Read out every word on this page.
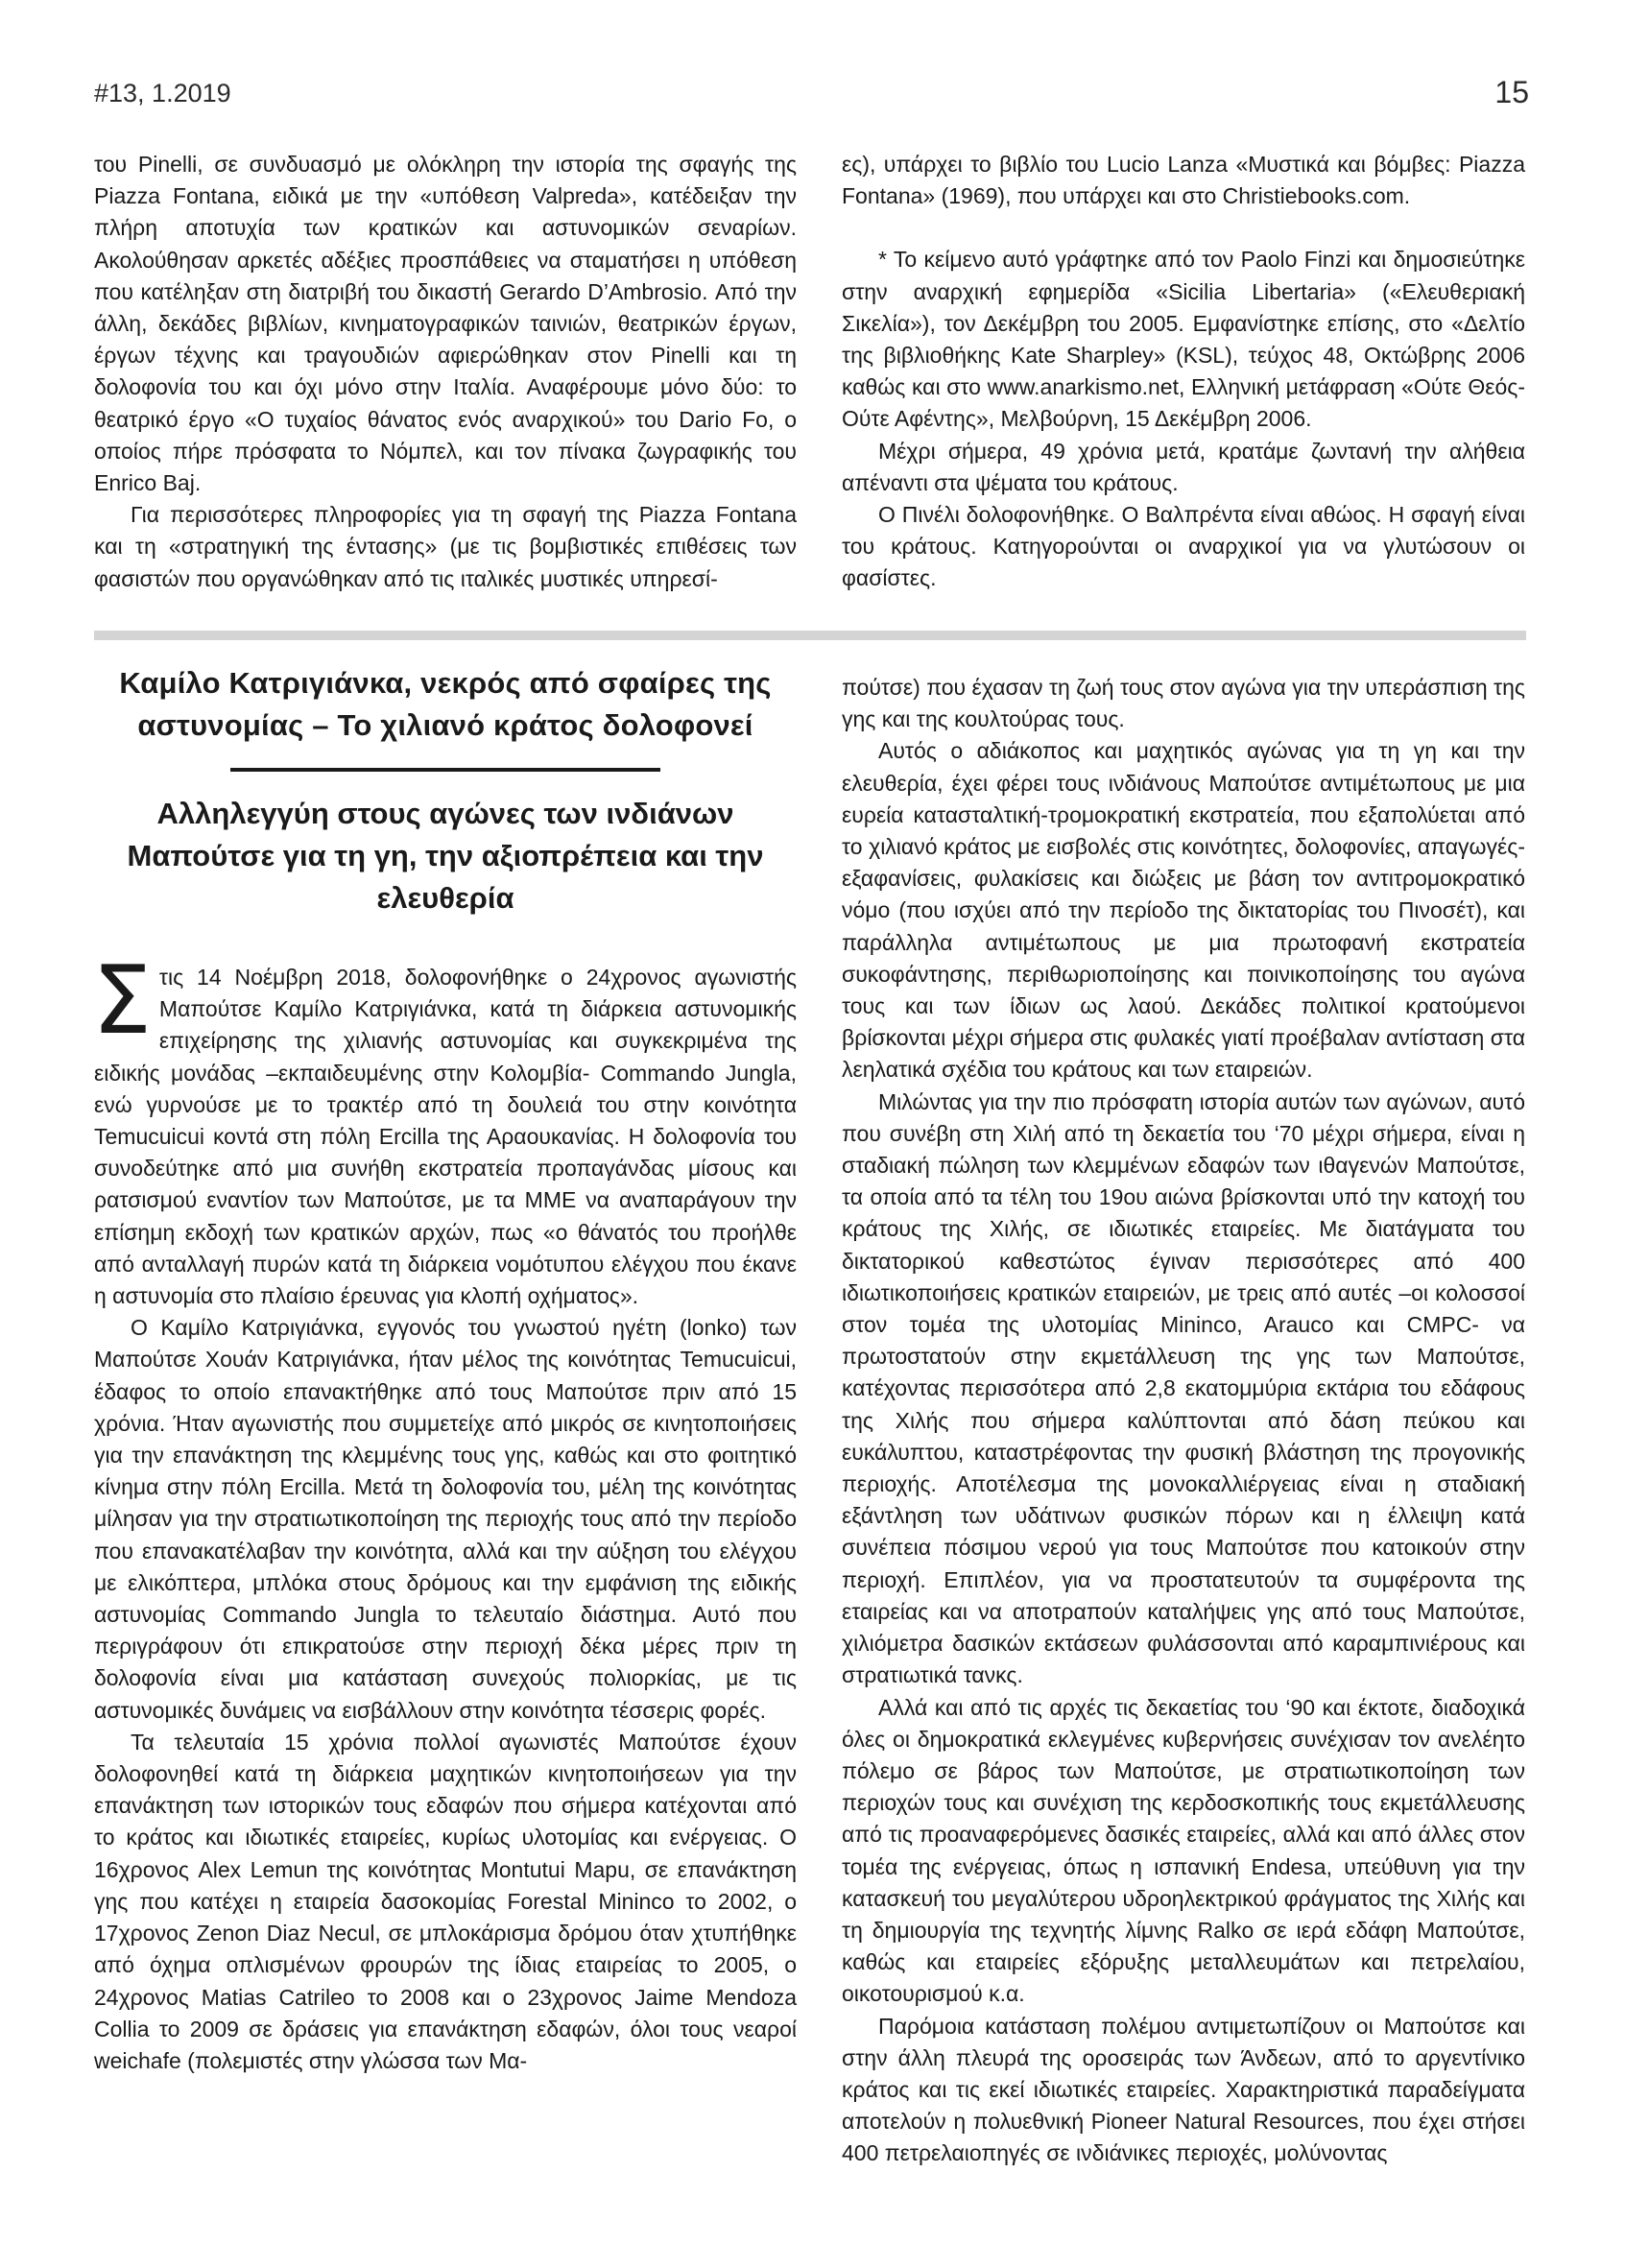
#13, 1.2019	15

του Pinelli, σε συνδυασμό με ολόκληρη την ιστορία της σφαγής της Piazza Fontana, ειδικά με την «υπόθεση Valpreda», κατέδειξαν την πλήρη αποτυχία των κρατικών και αστυνομικών σεναρίων. Ακολούθησαν αρκετές αδέξιες προσπάθειες να σταματήσει η υπόθεση που κατέληξαν στη διατριβή του δικαστή Gerardo D’Ambrosio. Από την άλλη, δεκάδες βιβλίων, κινηματογραφικών ταινιών, θεατρικών έργων, έργων τέχνης και τραγουδιών αφιερώθηκαν στον Pinelli και τη δολοφονία του και όχι μόνο στην Ιταλία. Αναφέρουμε μόνο δύο: το θεατρικό έργο «Ο τυχαίος θάνατος ενός αναρχικού» του Dario Fo, ο οποίος πήρε πρόσφατα το Νόμπελ, και τον πίνακα ζωγραφικής του Enrico Baj.

Για περισσότερες πληροφορίες για τη σφαγή της Piazza Fontana και τη «στρατηγική της έντασης» (με τις βομβιστικές επιθέσεις των φασιστών που οργανώθηκαν από τις ιταλικές μυστικές υπηρεσί-

ες), υπάρχει το βιβλίο του Lucio Lanza «Μυστικά και βόμβες: Piazza Fontana» (1969), που υπάρχει και στο Christiebooks.com.

* Το κείμενο αυτό γράφτηκε από τον Paolo Finzi και δημοσιεύτηκε στην αναρχική εφημερίδα «Sicilia Libertaria» («Ελευθεριακή Σικελία»), τον Δεκέμβρη του 2005. Εμφανίστηκε επίσης, στο «Δελτίο της βιβλιοθήκης Kate Sharpley» (KSL), τεύχος 48, Οκτώβρης 2006 καθώς και στο www.anarkismo.net, Ελληνική μετάφραση «Ούτε Θεός-Ούτε Αφέντης», Μελβούρνη, 15 Δεκέμβρη 2006.

Μέχρι σήμερα, 49 χρόνια μετά, κρατάμε ζωντανή την αλήθεια απέναντι στα ψέματα του κράτους.

Ο Πινέλι δολοφονήθηκε. Ο Βαλπρέντα είναι αθώος. Η σφαγή είναι του κράτους. Κατηγορούνται οι αναρχικοί για να γλυτώσουν οι φασίστες.

Καμίλο Κατριγιάνκα, νεκρός από σφαίρες της αστυνομίας – Το χιλιανό κράτος δολοφονεί
Αλληλεγγύη στους αγώνες των ινδιάνων Μαπούτσε για τη γη, την αξιοπρέπεια και την ελευθερία

Στις 14 Νοέμβρη 2018, δολοφονήθηκε ο 24χρονος αγωνιστής Μαπούτσε Καμίλο Κατριγιάνκα, κατά τη διάρκεια αστυνομικής επιχείρησης της χιλιανής αστυνομίας και συγκεκριμένα της ειδικής μονάδας –εκπαιδευμένης στην Κολομβία- Commando Jungla, ενώ γυρνούσε με το τρακτέρ από τη δουλειά του στην κοινότητα Temucuicui κοντά στη πόλη Ercilla της Αραουκανίας. Η δολοφονία του συνοδεύτηκε από μια συνήθη εκστρατεία προπαγάνδας μίσους και ρατσισμού εναντίον των Μαπούτσε, με τα ΜΜΕ να αναπαράγουν την επίσημη εκδοχή των κρατικών αρχών, πως «ο θάνατός του προήλθε από ανταλλαγή πυρών κατά τη διάρκεια νομότυπου ελέγχου που έκανε η αστυνομία στο πλαίσιο έρευνας για κλοπή οχήματος».

Ο Καμίλο Κατριγιάνκα, εγγονός του γνωστού ηγέτη (lonko) των Μαπούτσε Χουάν Κατριγιάνκα, ήταν μέλος της κοινότητας Temucuicui, έδαφος το οποίο επανακτήθηκε από τους Μαπούτσε πριν από 15 χρόνια. Ήταν αγωνιστής που συμμετείχε από μικρός σε κινητοποιήσεις για την επανάκτηση της κλεμμένης τους γης, καθώς και στο φοιτητικό κίνημα στην πόλη Ercilla. Μετά τη δολοφονία του, μέλη της κοινότητας μίλησαν για την στρατιωτικοποίηση της περιοχής τους από την περίοδο που επανακατέλαβαν την κοινότητα, αλλά και την αύξηση του ελέγχου με ελικόπτερα, μπλόκα στους δρόμους και την εμφάνιση της ειδικής αστυνομίας Commando Jungla το τελευταίο διάστημα. Αυτό που περιγράφουν ότι επικρατούσε στην περιοχή δέκα μέρες πριν τη δολοφονία είναι μια κατάσταση συνεχούς πολιορκίας, με τις αστυνομικές δυνάμεις να εισβάλλουν στην κοινότητα τέσσερις φορές.

Τα τελευταία 15 χρόνια πολλοί αγωνιστές Μαπούτσε έχουν δολοφονηθεί κατά τη διάρκεια μαχητικών κινητοποιήσεων για την επανάκτηση των ιστορικών τους εδαφών που σήμερα κατέχονται από το κράτος και ιδιωτικές εταιρείες, κυρίως υλοτομίας και ενέργειας. Ο 16χρονος Alex Lemun της κοινότητας Montutui Mapu, σε επανάκτηση γης που κατέχει η εταιρεία δασοκομίας Forestal Mininco το 2002, ο 17χρονος Zenon Diaz Necul, σε μπλοκάρισμα δρόμου όταν χτυπήθηκε από όχημα οπλισμένων φρουρών της ίδιας εταιρείας το 2005, ο 24χρονος Matias Catrileo το 2008 και ο 23χρονος Jaime Mendoza Collia το 2009 σε δράσεις για επανάκτηση εδαφών, όλοι τους νεαροί weichafe (πολεμιστές στην γλώσσα των Μα-

πούτσε) που έχασαν τη ζωή τους στον αγώνα για την υπεράσπιση της γης και της κουλτούρας τους.

Αυτός ο αδιάκοπος και μαχητικός αγώνας για τη γη και την ελευθερία, έχει φέρει τους ινδιάνους Μαπούτσε αντιμέτωπους με μια ευρεία κατασταλτική-τρομοκρατική εκστρατεία, που εξαπολύεται από το χιλιανό κράτος με εισβολές στις κοινότητες, δολοφονίες, απαγωγές-εξαφανίσεις, φυλακίσεις και διώξεις με βάση τον αντιτρομοκρατικό νόμο (που ισχύει από την περίοδο της δικτατορίας του Πινοσέτ), και παράλληλα αντιμέτωπους με μια πρωτοφανή εκστρατεία συκοφάντησης, περιθωριοποίησης και ποινικοποίησης του αγώνα τους και των ίδιων ως λαού. Δεκάδες πολιτικοί κρατούμενοι βρίσκονται μέχρι σήμερα στις φυλακές γιατί προέβαλαν αντίσταση στα λεηλατικά σχέδια του κράτους και των εταιρειών.

Μιλώντας για την πιο πρόσφατη ιστορία αυτών των αγώνων, αυτό που συνέβη στη Χιλή από τη δεκαετία του ‘70 μέχρι σήμερα, είναι η σταδιακή πώληση των κλεμμένων εδαφών των ιθαγενών Μαπούτσε, τα οποία από τα τέλη του 19ου αιώνα βρίσκονται υπό την κατοχή του κράτους της Χιλής, σε ιδιωτικές εταιρείες. Με διατάγματα του δικτατορικού καθεστώτος έγιναν περισσότερες από 400 ιδιωτικοποιήσεις κρατικών εταιρειών, με τρεις από αυτές –οι κολοσσοί στον τομέα της υλοτομίας Mininco, Arauco και CMPC- να πρωτοστατούν στην εκμετάλλευση της γης των Μαπούτσε, κατέχοντας περισσότερα από 2,8 εκατομμύρια εκτάρια του εδάφους της Χιλής που σήμερα καλύπτονται από δάση πεύκου και ευκάλυπτου, καταστρέφοντας την φυσική βλάστηση της προγονικής περιοχής. Αποτέλεσμα της μονοκαλλιέργειας είναι η σταδιακή εξάντληση των υδάτινων φυσικών πόρων και η έλλειψη κατά συνέπεια πόσιμου νερού για τους Μαπούτσε που κατοικούν στην περιοχή. Επιπλέον, για να προστατευτούν τα συμφέροντα της εταιρείας και να αποτραπούν καταλήψεις γης από τους Μαπούτσε, χιλιόμετρα δασικών εκτάσεων φυλάσσονται από καραμπινιέρους και στρατιωτικά τανκς.

Αλλά και από τις αρχές τις δεκαετίας του ‘90 και έκτοτε, διαδοχικά όλες οι δημοκρατικά εκλεγμένες κυβερνήσεις συνέχισαν τον ανελέητο πόλεμο σε βάρος των Μαπούτσε, με στρατιωτικοποίηση των περιοχών τους και συνέχιση της κερδοσκοπικής τους εκμετάλλευσης από τις προαναφερόμενες δασικές εταιρείες, αλλά και από άλλες στον τομέα της ενέργειας, όπως η ισπανική Endesa, υπεύθυνη για την κατασκευή του μεγαλύτερου υδροηλεκτρικού φράγματος της Χιλής και τη δημιουργία της τεχνητής λίμνης Ralko σε ιερά εδάφη Μαπούτσε, καθώς και εταιρείες εξόρυξης μεταλλευμάτων και πετρελαίου, οικοτουρισμού κ.α.

Παρόμοια κατάσταση πολέμου αντιμετωπίζουν οι Μαπούτσε και στην άλλη πλευρά της οροσειράς των Άνδεων, από το αργεντίνικο κράτος και τις εκεί ιδιωτικές εταιρείες. Χαρακτηριστικά παραδείγματα αποτελούν η πολυεθνική Pioneer Natural Resources, που έχει στήσει 400 πετρελαιοπηγές σε ινδιάνικες περιοχές, μολύνοντας
